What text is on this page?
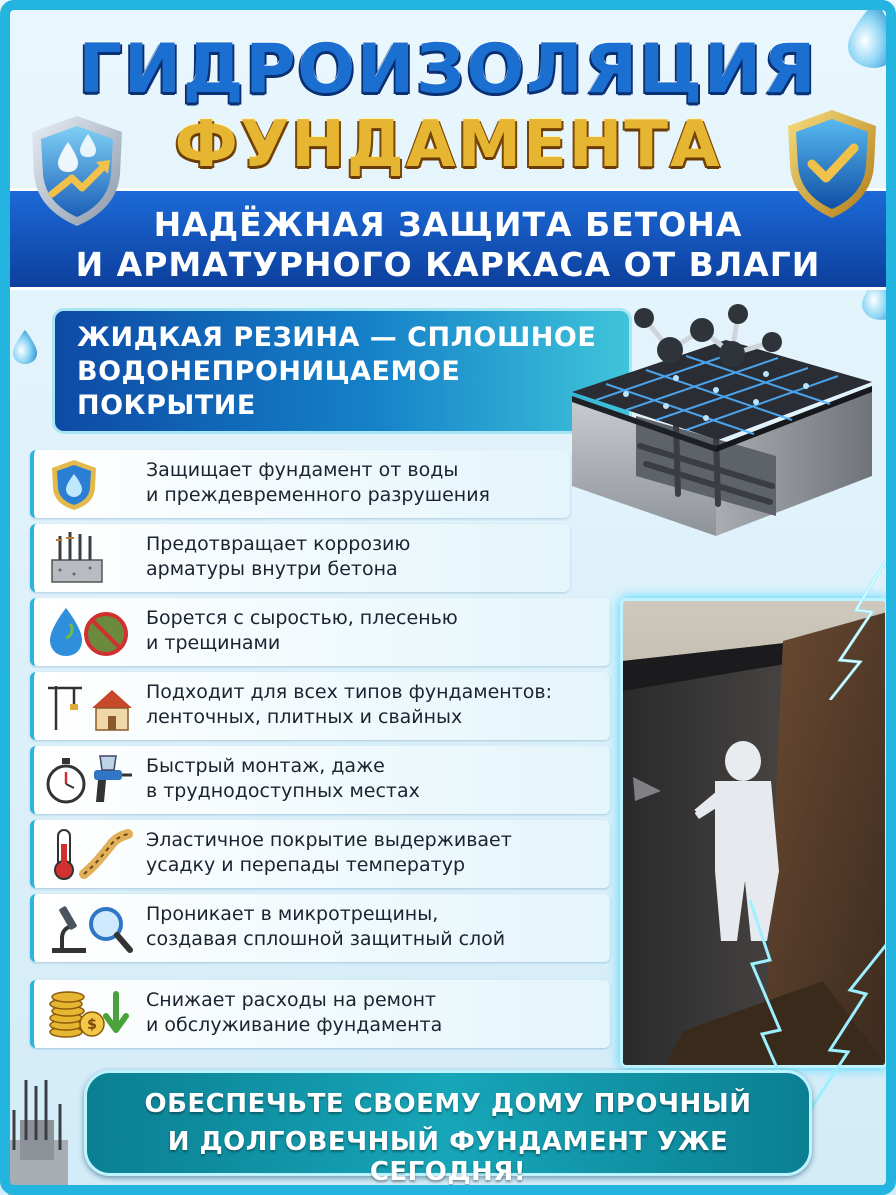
ГИДРОИЗОЛЯЦИЯ
ФУНДАМЕНТА
НАДЁЖНАЯ ЗАЩИТА БЕТОНА
И АРМАТУРНОГО КАРКАСА ОТ ВЛАГИ
ЖИДКАЯ РЕЗИНА — СПЛОШНОЕ
ВОДОНЕПРОНИЦАЕМОЕ
ПОКРЫТИЕ
Защищает фундамент от воды
и преждевременного разрушения
Предотвращает коррозию
арматуры внутри бетона
Борется с сыростью, плесенью
и трещинами
Подходит для всех типов фундаментов:
ленточных, плитных и свайных
Быстрый монтаж, даже
в труднодоступных местах
Эластичное покрытие выдерживает
усадку и перепады температур
Проникает в микротрещины,
создавая сплошной защитный слой
$
Снижает расходы на ремонт
и обслуживание фундамента
ОБЕСПЕЧЬТЕ СВОЕМУ ДОМУ ПРОЧНЫЙ
И ДОЛГОВЕЧНЫЙ ФУНДАМЕНТ УЖЕ СЕГОДНЯ!
